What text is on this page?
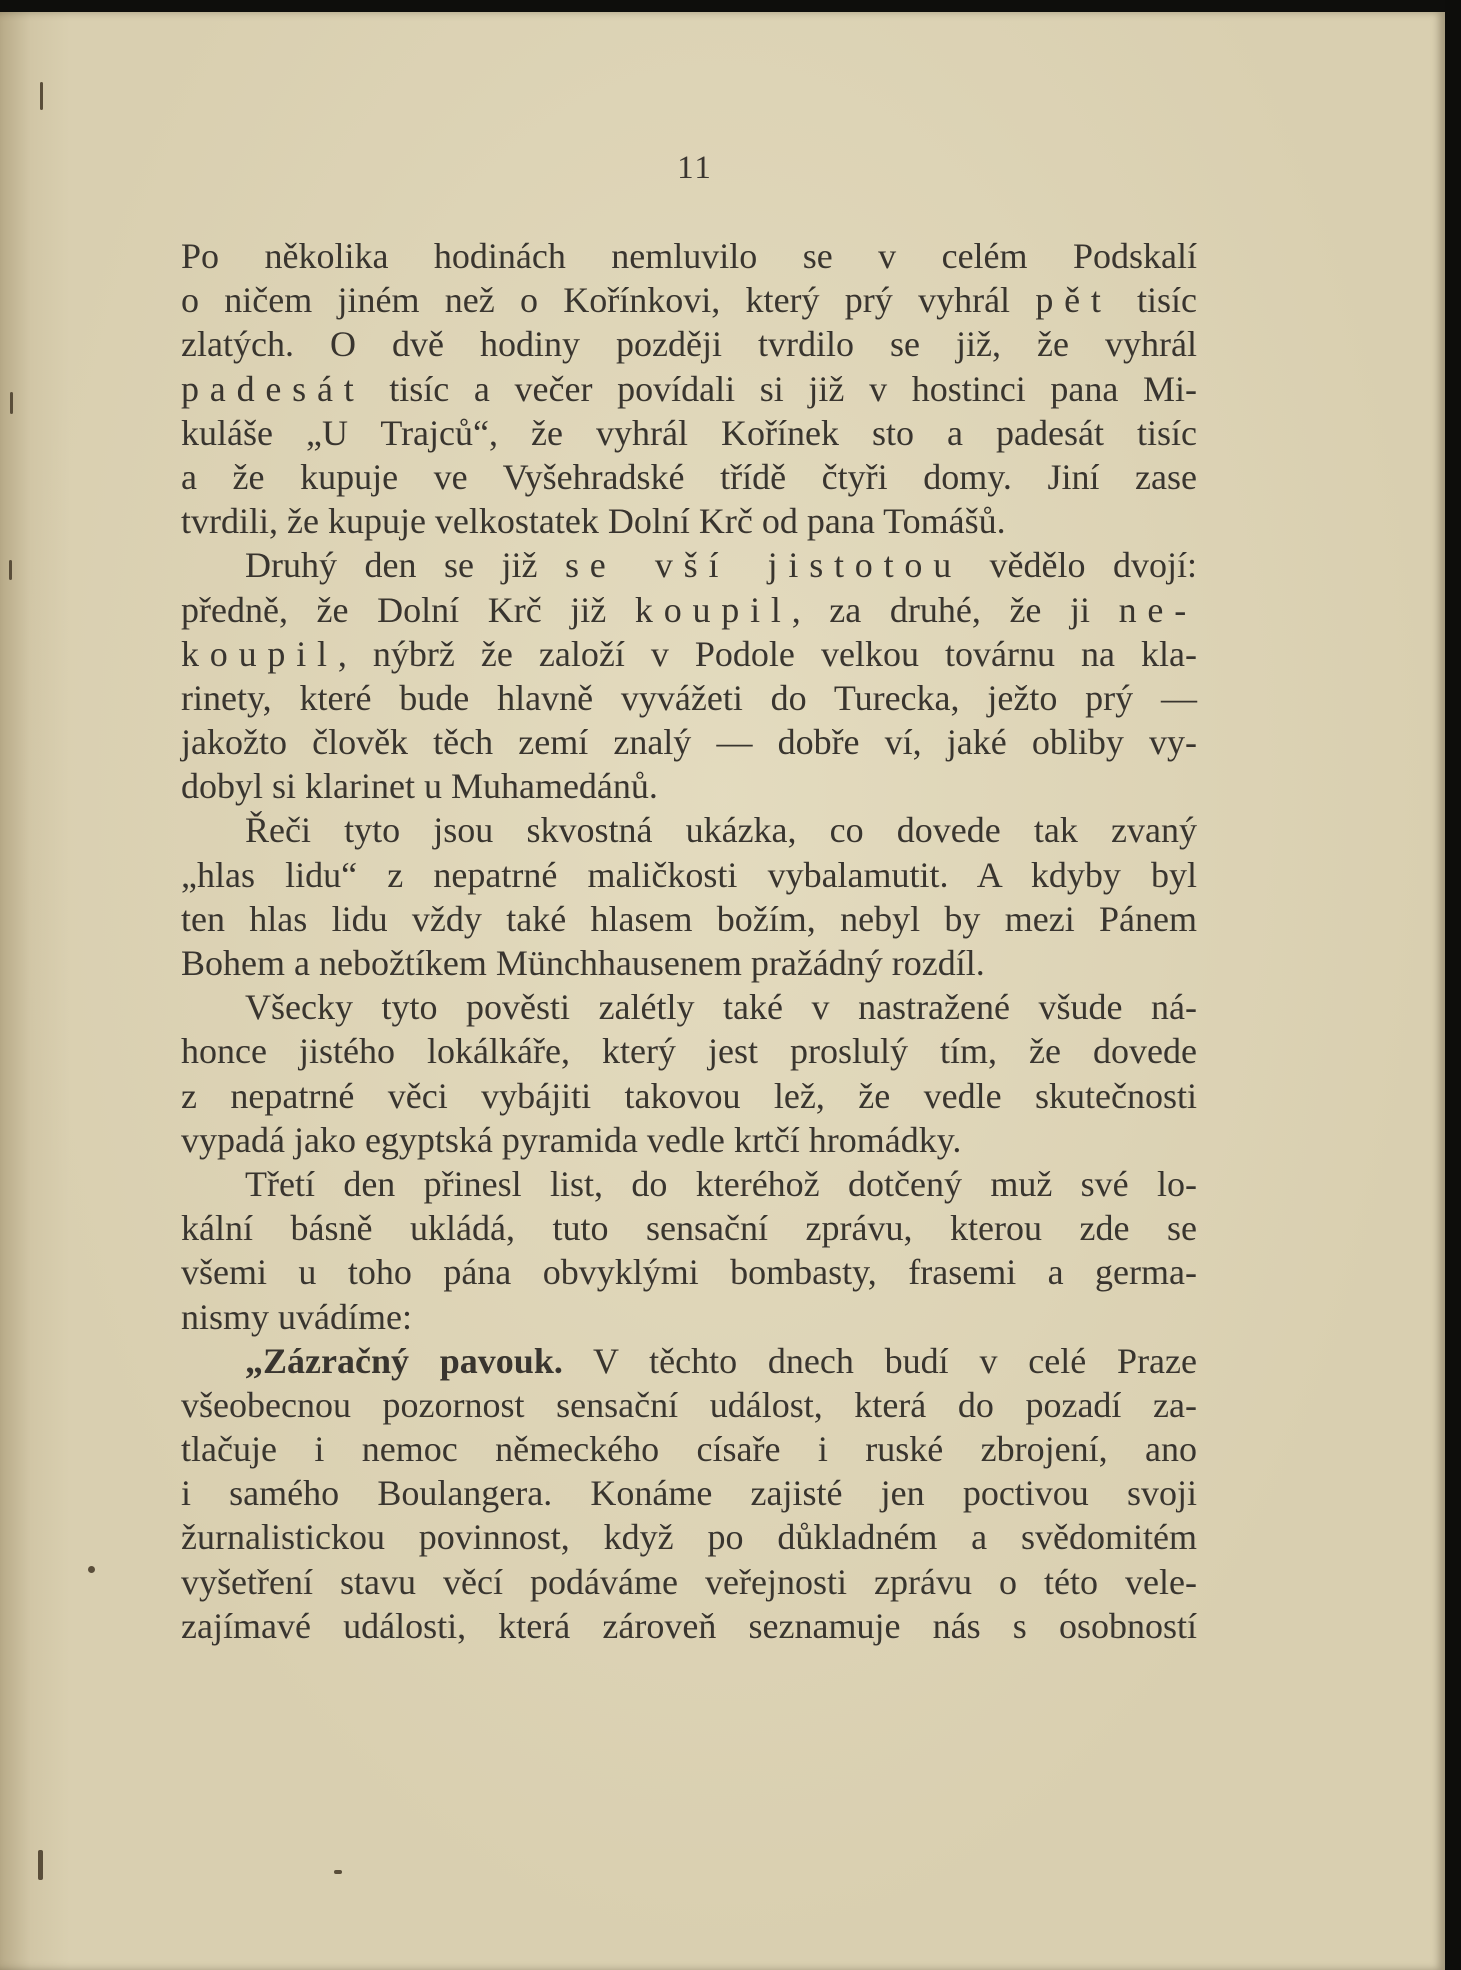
11
Po několika hodinách nemluvilo se v celém Podskalí
o ničem jiném než o Kořínkovi, který prý vyhrál pět tisíc
zlatých. O dvě hodiny později tvrdilo se již, že vyhrál
padesát tisíc a večer povídali si již v hostinci pana Mi-
kuláše „U Trajců“, že vyhrál Kořínek sto a padesát tisíc
a že kupuje ve Vyšehradské třídě čtyři domy. Jiní zase
tvrdili, že kupuje velkostatek Dolní Krč od pana Tomášů.
Druhý den se již se vší jistotou vědělo dvojí:
předně, že Dolní Krč již koupil, za druhé, že ji ne-
koupil, nýbrž že založí v Podole velkou továrnu na kla-
rinety, které bude hlavně vyvážeti do Turecka, ježto prý —
jakožto člověk těch zemí znalý — dobře ví, jaké obliby vy-
dobyl si klarinet u Muhamedánů.
Řeči tyto jsou skvostná ukázka, co dovede tak zvaný
„hlas lidu“ z nepatrné maličkosti vybalamutit. A kdyby byl
ten hlas lidu vždy také hlasem božím, nebyl by mezi Pánem
Bohem a nebožtíkem Münchhausenem pražádný rozdíl.
Všecky tyto pověsti zalétly také v nastražené všude ná-
honce jistého lokálkáře, který jest proslulý tím, že dovede
z nepatrné věci vybájiti takovou lež, že vedle skutečnosti
vypadá jako egyptská pyramida vedle krtčí hromádky.
Třetí den přinesl list, do kteréhož dotčený muž své lo-
kální básně ukládá, tuto sensační zprávu, kterou zde se
všemi u toho pána obvyklými bombasty, frasemi a germa-
nismy uvádíme:
„Zázračný pavouk. V těchto dnech budí v celé Praze
všeobecnou pozornost sensační událost, která do pozadí za-
tlačuje i nemoc německého císaře i ruské zbrojení, ano
i samého Boulangera. Konáme zajisté jen poctivou svoji
žurnalistickou povinnost, když po důkladném a svědomitém
vyšetření stavu věcí podáváme veřejnosti zprávu o této vele-
zajímavé události, která zároveň seznamuje nás s osobností
